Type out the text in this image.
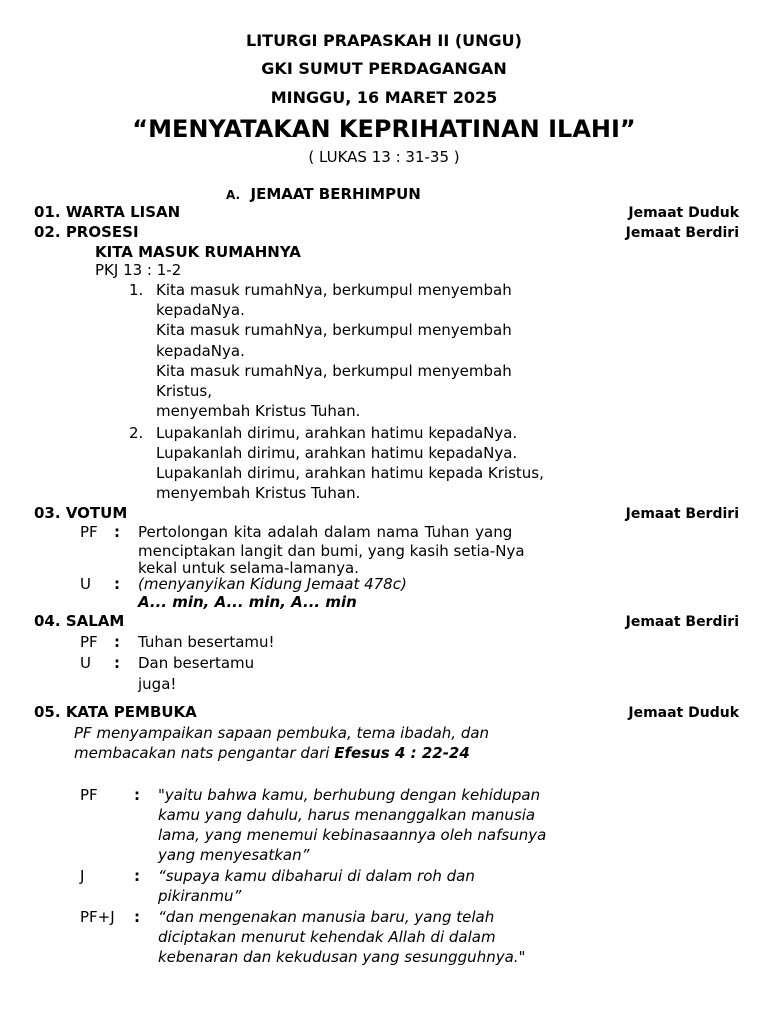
LITURGI PRAPASKAH II (UNGU)
GKI SUMUT PERDAGANGAN
MINGGU, 16 MARET 2025
“MENYATAKAN KEPRIHATINAN ILAHI”
( LUKAS 13 : 31-35 )
A. JEMAAT BERHIMPUN
01. WARTA LISAN	Jemaat Duduk
02. PROSESI	Jemaat Berdiri
KITA MASUK RUMAHNYA
PKJ 13 : 1-2
1. Kita masuk rumahNya, berkumpul menyembah
kepadaNya.
Kita masuk rumahNya, berkumpul menyembah
kepadaNya.
Kita masuk rumahNya, berkumpul menyembah
Kristus,
menyembah Kristus Tuhan.
2. Lupakanlah dirimu, arahkan hatimu kepadaNya.
Lupakanlah dirimu, arahkan hatimu kepadaNya.
Lupakanlah dirimu, arahkan hatimu kepada Kristus,
menyembah Kristus Tuhan.
03. VOTUM	Jemaat Berdiri
PF : Pertolongan kita adalah dalam nama Tuhan yang
menciptakan langit dan bumi, yang kasih setia-Nya
kekal untuk selama-lamanya.
U : (menyanyikan Kidung Jemaat 478c)
A... min, A... min, A... min
04. SALAM	Jemaat Berdiri
PF : Tuhan besertamu!
U : Dan besertamu
juga!
05. KATA PEMBUKA	Jemaat Duduk
PF menyampaikan sapaan pembuka, tema ibadah, dan
membacakan nats pengantar dari Efesus 4 : 22-24
PF : "yaitu bahwa kamu, berhubung dengan kehidupan
kamu yang dahulu, harus menanggalkan manusia
lama, yang menemui kebinasaannya oleh nafsunya
yang menyesatkan”
J	: “supaya kamu dibaharui di dalam roh dan
pikiranmu”
PF+J : “dan mengenakan manusia baru, yang telah
diciptakan menurut kehendak Allah di dalam
kebenaran dan kekudusan yang sesungguhnya."
